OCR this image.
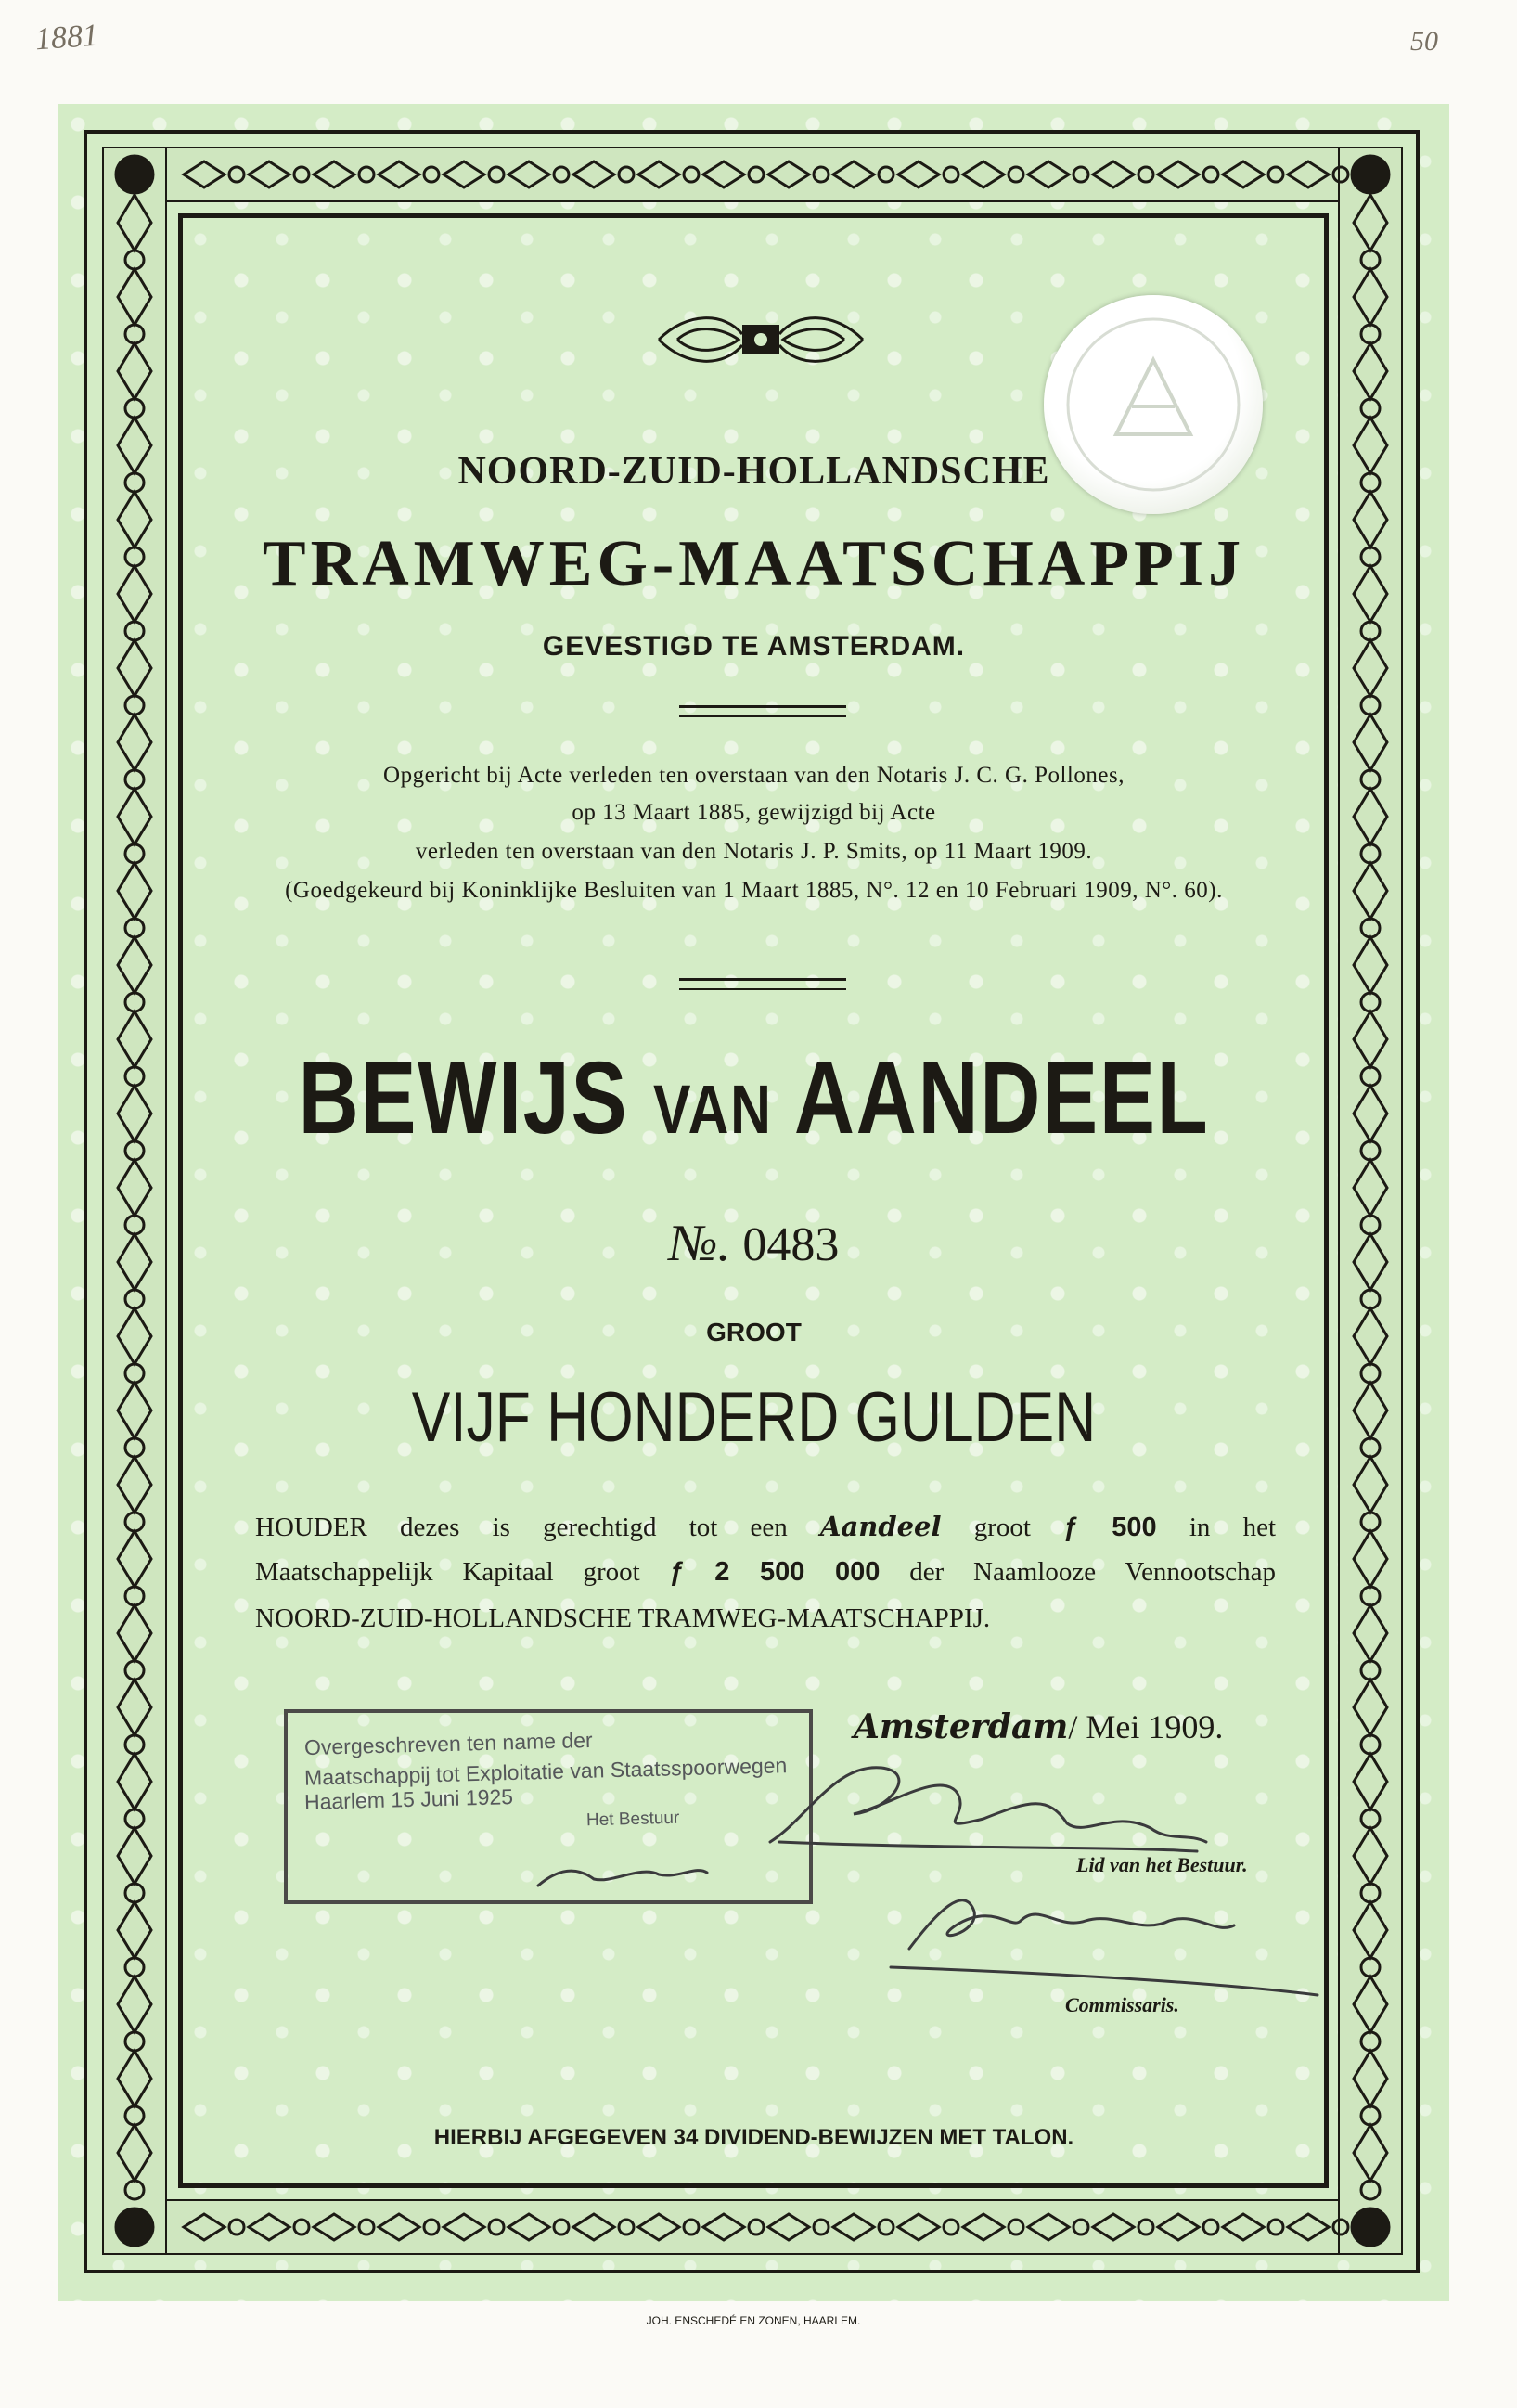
1881	50
NOORD-ZUID-HOLLANDSCHE
TRAMWEG-MAATSCHAPPIJ
GEVESTIGD TE AMSTERDAM.
Opgericht bij Acte verleden ten overstaan van den Notaris J. C. G. Pollones,
op 13 Maart 1885, gewijzigd bij Acte
verleden ten overstaan van den Notaris J. P. Smits, op 11 Maart 1909.
(Goedgekeurd bij Koninklijke Besluiten van 1 Maart 1885, N°. 12 en 10 Februari 1909, N°. 60).
BEWIJS VAN AANDEEL
№. 0483
GROOT
VIJF HONDERD GULDEN
HOUDER dezes is gerechtigd tot een Aandeel groot ƒ 500 in het
Maatschappelijk Kapitaal groot ƒ 2 500 000 der Naamlooze Vennootschap
NOORD-ZUID-HOLLANDSCHE TRAMWEG-MAATSCHAPPIJ.
Overgeschreven ten name der
Maatschappij tot Exploitatie van Staatsspoorwegen
Haarlem 15 Juni 1925
Het Bestuur
Amsterdam/ Mei 1909.
Lid van het Bestuur.
Commissaris.
HIERBIJ AFGEGEVEN 34 DIVIDEND-BEWIJZEN MET TALON.
JOH. ENSCHEDÉ EN ZONEN, HAARLEM.
